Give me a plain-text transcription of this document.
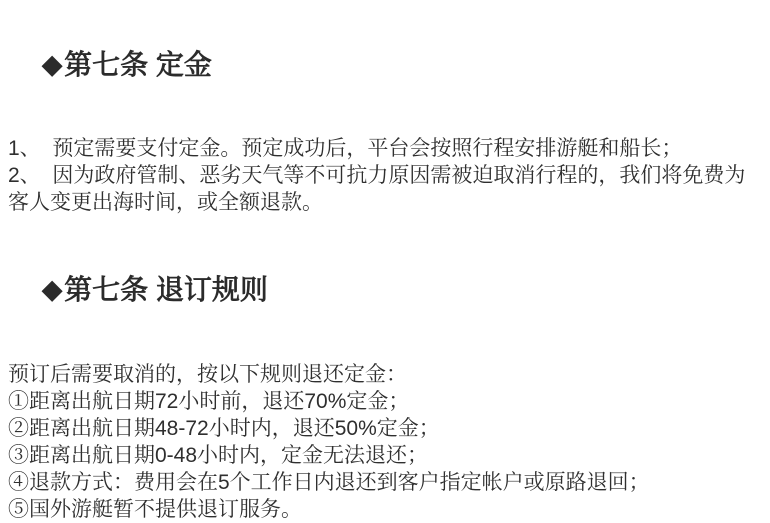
◆第七条 定金

1、  预定需要支付定金。预定成功后，平台会按照行程安排游艇和船长；

2、  因为政府管制、恶劣天气等不可抗力原因需被迫取消行程的，我们将免费为客人变更出海时间，或全额退款。

◆第七条 退订规则

预订后需要取消的，按以下规则退还定金：

①距离出航日期72小时前，退还70%定金；

②距离出航日期48-72小时内，退还50%定金；

③距离出航日期0-48小时内，定金无法退还；

④退款方式：费用会在5个工作日内退还到客户指定帐户或原路退回；

⑤国外游艇暂不提供退订服务。
